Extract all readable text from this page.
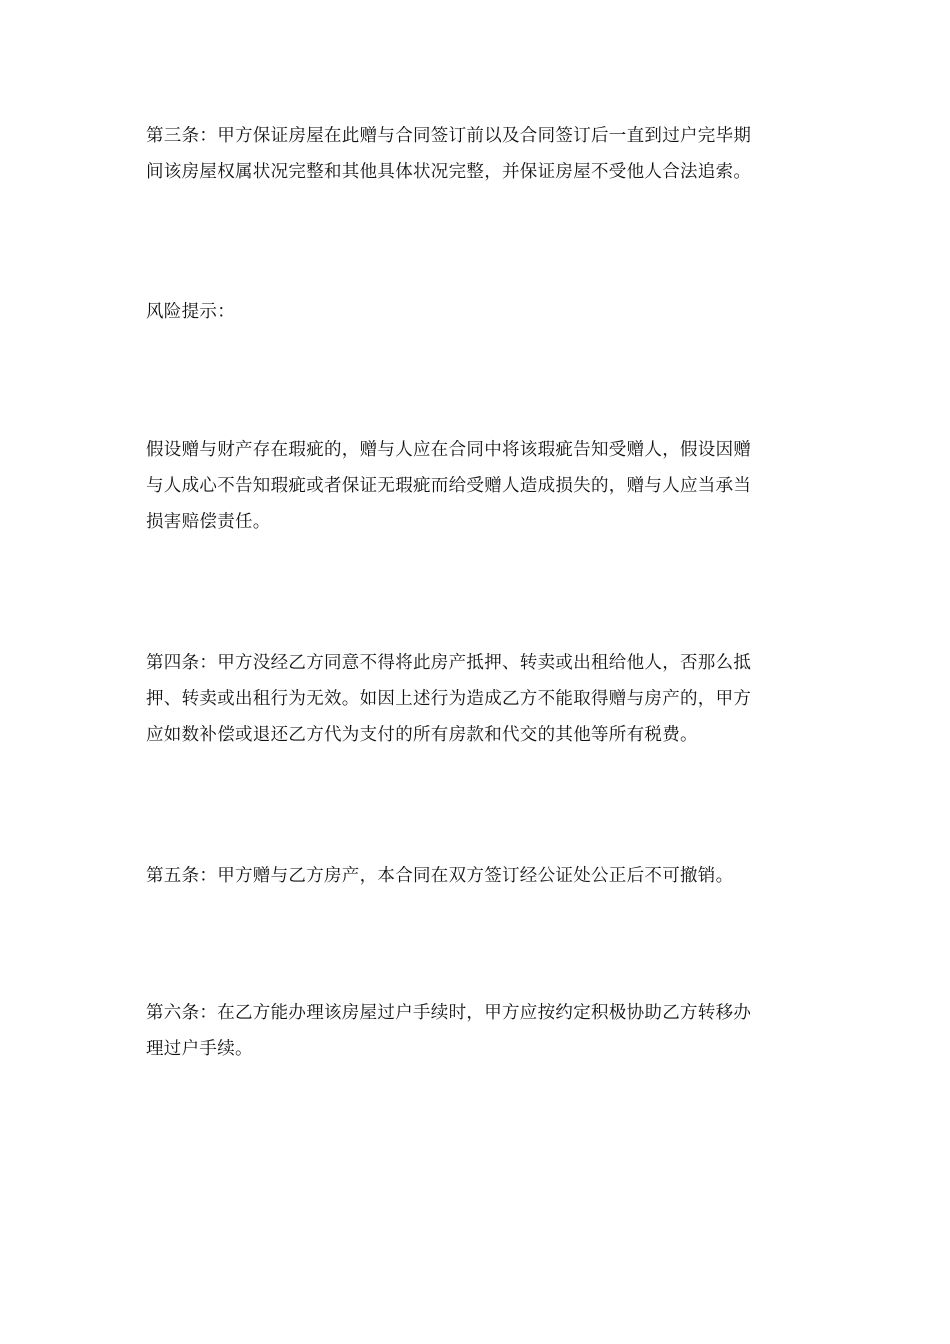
第三条：甲方保证房屋在此赠与合同签订前以及合同签订后一直到过户完毕期
间该房屋权属状况完整和其他具体状况完整，并保证房屋不受他人合法追索。

风险提示：

假设赠与财产存在瑕疵的，赠与人应在合同中将该瑕疵告知受赠人，假设因赠
与人成心不告知瑕疵或者保证无瑕疵而给受赠人造成损失的，赠与人应当承当
损害赔偿责任。

第四条：甲方没经乙方同意不得将此房产抵押、转卖或出租给他人，否那么抵
押、转卖或出租行为无效。如因上述行为造成乙方不能取得赠与房产的，甲方
应如数补偿或退还乙方代为支付的所有房款和代交的其他等所有税费。

第五条：甲方赠与乙方房产，本合同在双方签订经公证处公正后不可撤销。

第六条：在乙方能办理该房屋过户手续时，甲方应按约定积极协助乙方转移办
理过户手续。
